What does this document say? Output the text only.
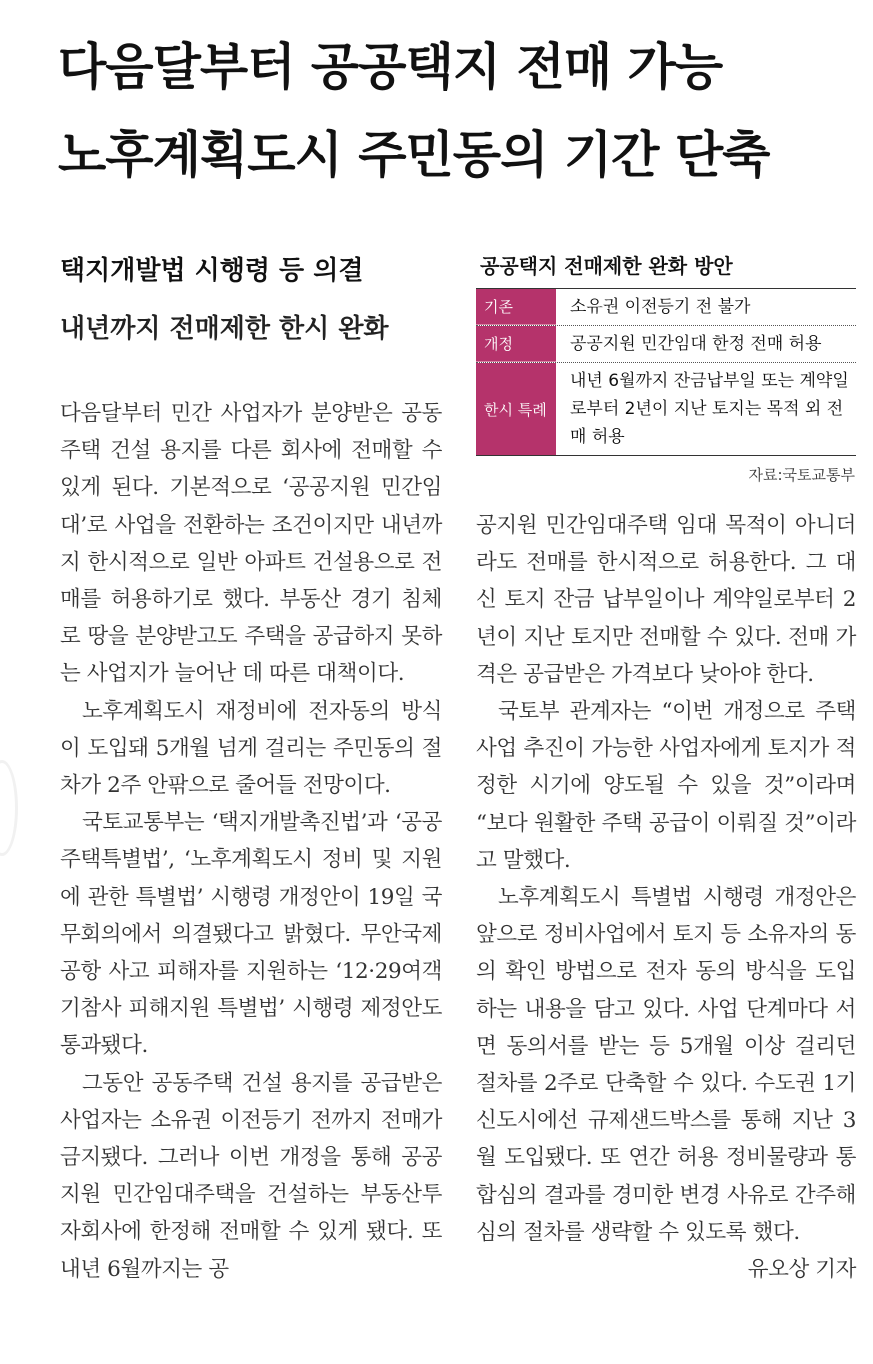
다음달부터 공공택지 전매 가능
노후계획도시 주민동의 기간 단축
택지개발법 시행령 등 의결
내년까지 전매제한 한시 완화
공공택지 전매제한 완화 방안
기존	소유권 이전등기 전 불가
개정	공공지원 민간임대 한정 전매 허용
한시 특례
내년 6월까지 잔금납부일 또는 계약일로부터 2년이 지난 토지는 목적 외 전매 허용
자료:국토교통부

다음달부터 민간 사업자가 분양받은 공동주택 건설 용지를 다른 회사에 전매할 수 있게 된다. 기본적으로 ‘공공지원 민간임대’로 사업을 전환하는 조건이지만 내년까지 한시적으로 일반 아파트 건설용으로 전매를 허용하기로 했다. 부동산 경기 침체로 땅을 분양받고도 주택을 공급하지 못하는 사업지가 늘어난 데 따른 대책이다.

노후계획도시 재정비에 전자동의 방식이 도입돼 5개월 넘게 걸리는 주민동의 절차가 2주 안팎으로 줄어들 전망이다.

국토교통부는 ‘택지개발촉진법’과 ‘공공주택특별법’, ‘노후계획도시 정비 및 지원에 관한 특별법’ 시행령 개정안이 19일 국무회의에서 의결됐다고 밝혔다. 무안국제공항 사고 피해자를 지원하는 ‘12·29여객기참사 피해지원 특별법’ 시행령 제정안도 통과됐다.

그동안 공동주택 건설 용지를 공급받은 사업자는 소유권 이전등기 전까지 전매가 금지됐다. 그러나 이번 개정을 통해 공공지원 민간임대주택을 건설하는 부동산투자회사에 한정해 전매할 수 있게 됐다. 또 내년 6월까지는 공

공지원 민간임대주택 임대 목적이 아니더라도 전매를 한시적으로 허용한다. 그 대신 토지 잔금 납부일이나 계약일로부터 2년이 지난 토지만 전매할 수 있다. 전매 가격은 공급받은 가격보다 낮아야 한다.

국토부 관계자는 “이번 개정으로 주택사업 추진이 가능한 사업자에게 토지가 적정한 시기에 양도될 수 있을 것”이라며 “보다 원활한 주택 공급이 이뤄질 것”이라고 말했다.

노후계획도시 특별법 시행령 개정안은 앞으로 정비사업에서 토지 등 소유자의 동의 확인 방법으로 전자 동의 방식을 도입하는 내용을 담고 있다. 사업 단계마다 서면 동의서를 받는 등 5개월 이상 걸리던 절차를 2주로 단축할 수 있다. 수도권 1기 신도시에선 규제샌드박스를 통해 지난 3월 도입됐다. 또 연간 허용 정비물량과 통합심의 결과를 경미한 변경 사유로 간주해 심의 절차를 생략할 수 있도록 했다.
유오상 기자
